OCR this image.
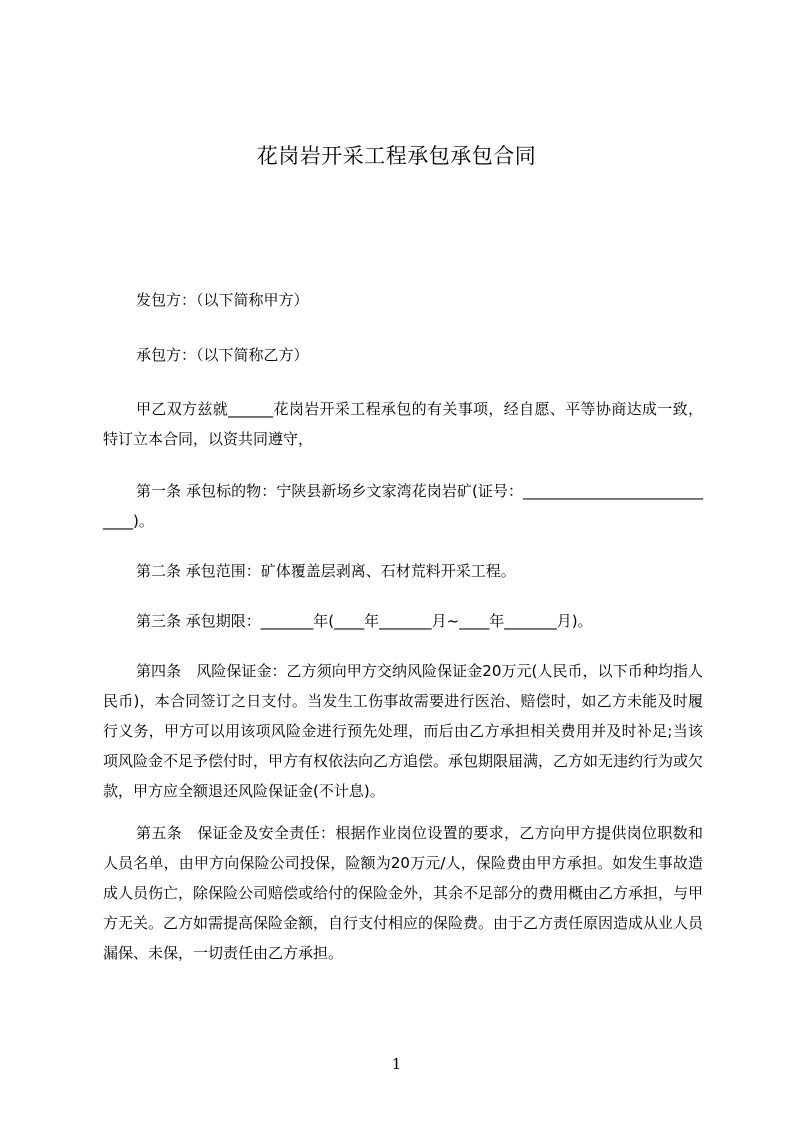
花岗岩开采工程承包承包合同
发包方：（以下简称甲方）
承包方：（以下简称乙方）
甲乙双方兹就______花岗岩开采工程承包的有关事项，经自愿、平等协商达成一致，特订立本合同，以资共同遵守，
第一条 承包标的物：宁陕县新场乡文家湾花岗岩矿(证号：____________________________)。
第二条 承包范围：矿体覆盖层剥离、石材荒料开采工程。
第三条 承包期限：_______年(____年_______月~____年_______月)。
第四条　风险保证金：乙方须向甲方交纳风险保证金20万元(人民币，以下币种均指人民币)，本合同签订之日支付。当发生工伤事故需要进行医治、赔偿时，如乙方未能及时履行义务，甲方可以用该项风险金进行预先处理，而后由乙方承担相关费用并及时补足;当该项风险金不足予偿付时，甲方有权依法向乙方追偿。承包期限届满，乙方如无违约行为或欠款，甲方应全额退还风险保证金(不计息)。
第五条　保证金及安全责任：根据作业岗位设置的要求，乙方向甲方提供岗位职数和人员名单，由甲方向保险公司投保，险额为20万元/人，保险费由甲方承担。如发生事故造成人员伤亡，除保险公司赔偿或给付的保险金外，其余不足部分的费用概由乙方承担，与甲方无关。乙方如需提高保险金额，自行支付相应的保险费。由于乙方责任原因造成从业人员漏保、未保，一切责任由乙方承担。
1
